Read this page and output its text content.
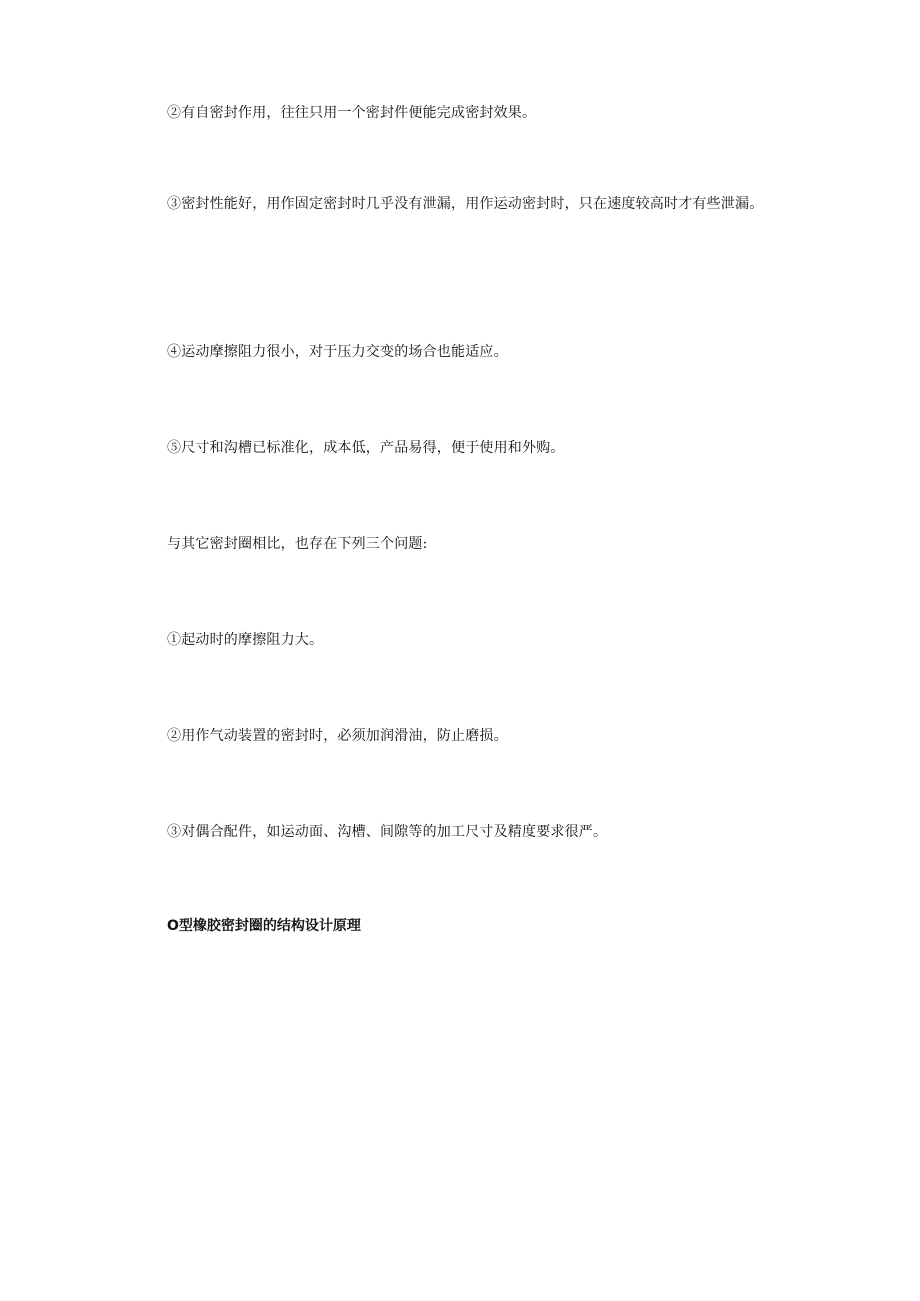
②有自密封作用，往往只用一个密封件便能完成密封效果。

③密封性能好，用作固定密封时几乎没有泄漏，用作运动密封时，只在速度较高时才有些泄漏。

④运动摩擦阻力很小，对于压力交变的场合也能适应。

⑤尺寸和沟槽已标准化，成本低，产品易得，便于使用和外购。

与其它密封圈相比，也存在下列三个问题:

①起动时的摩擦阻力大。

②用作气动装置的密封时，必须加润滑油，防止磨损。

③对偶合配件，如运动面、沟槽、间隙等的加工尺寸及精度要求很严。

O型橡胶密封圈的结构设计原理
